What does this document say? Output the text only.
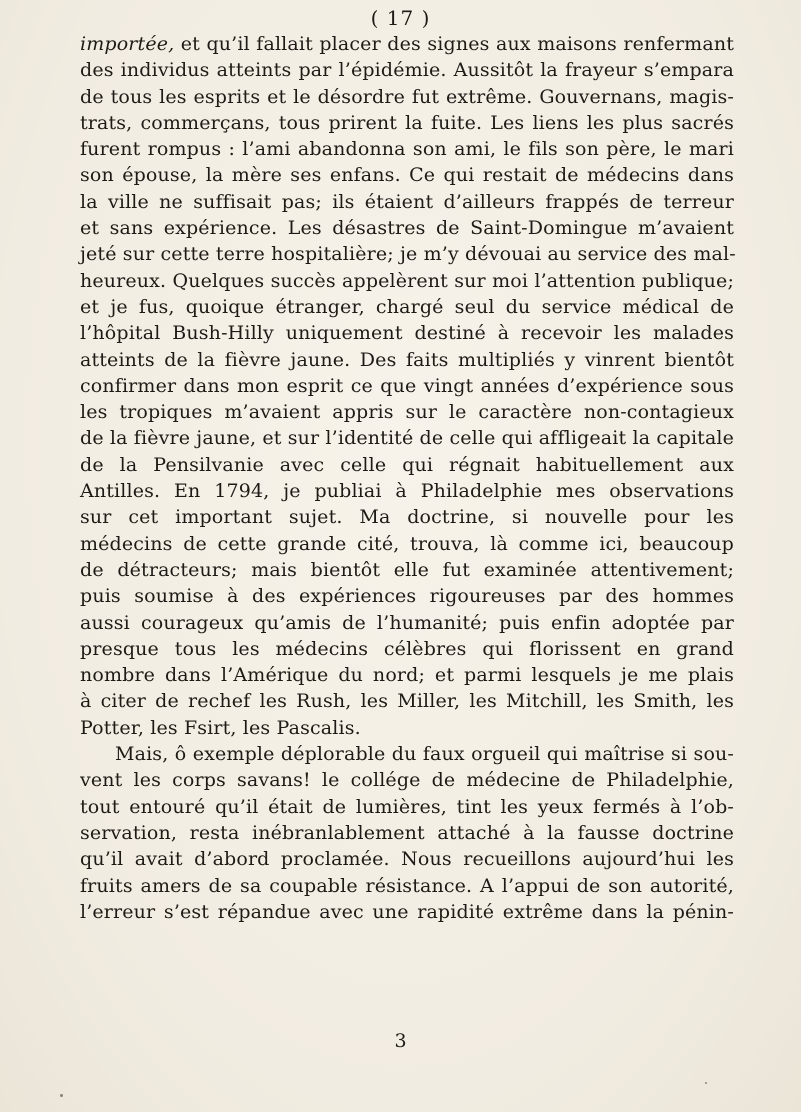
( 17 )
importée, et qu’il fallait placer des signes aux maisons renfermant
des individus atteints par l’épidémie. Aussitôt la frayeur s’empara
de tous les esprits et le désordre fut extrême. Gouvernans, magis-
trats, commerçans, tous prirent la fuite. Les liens les plus sacrés
furent rompus : l’ami abandonna son ami, le fils son père, le mari
son épouse, la mère ses enfans. Ce qui restait de médecins dans
la ville ne suffisait pas; ils étaient d’ailleurs frappés de terreur
et sans expérience. Les désastres de Saint-Domingue m’avaient
jeté sur cette terre hospitalière; je m’y dévouai au service des mal-
heureux. Quelques succès appelèrent sur moi l’attention publique;
et je fus, quoique étranger, chargé seul du service médical de
l’hôpital Bush-Hilly uniquement destiné à recevoir les malades
atteints de la fièvre jaune. Des faits multipliés y vinrent bientôt
confirmer dans mon esprit ce que vingt années d’expérience sous
les tropiques m’avaient appris sur le caractère non-contagieux
de la fièvre jaune, et sur l’identité de celle qui affligeait la capitale
de la Pensilvanie avec celle qui régnait habituellement aux
Antilles. En 1794, je publiai à Philadelphie mes observations
sur cet important sujet. Ma doctrine, si nouvelle pour les
médecins de cette grande cité, trouva, là comme ici, beaucoup
de détracteurs; mais bientôt elle fut examinée attentivement;
puis soumise à des expériences rigoureuses par des hommes
aussi courageux qu’amis de l’humanité; puis enfin adoptée par
presque tous les médecins célèbres qui florissent en grand
nombre dans l’Amérique du nord; et parmi lesquels je me plais
à citer de rechef les Rush, les Miller, les Mitchill, les Smith, les
Potter, les Fsirt, les Pascalis.
Mais, ô exemple déplorable du faux orgueil qui maîtrise si sou-
vent les corps savans! le collége de médecine de Philadelphie,
tout entouré qu’il était de lumières, tint les yeux fermés à l’ob-
servation, resta inébranlablement attaché à la fausse doctrine
qu’il avait d’abord proclamée. Nous recueillons aujourd’hui les
fruits amers de sa coupable résistance. A l’appui de son autorité,
l’erreur s’est répandue avec une rapidité extrême dans la pénin-
3
